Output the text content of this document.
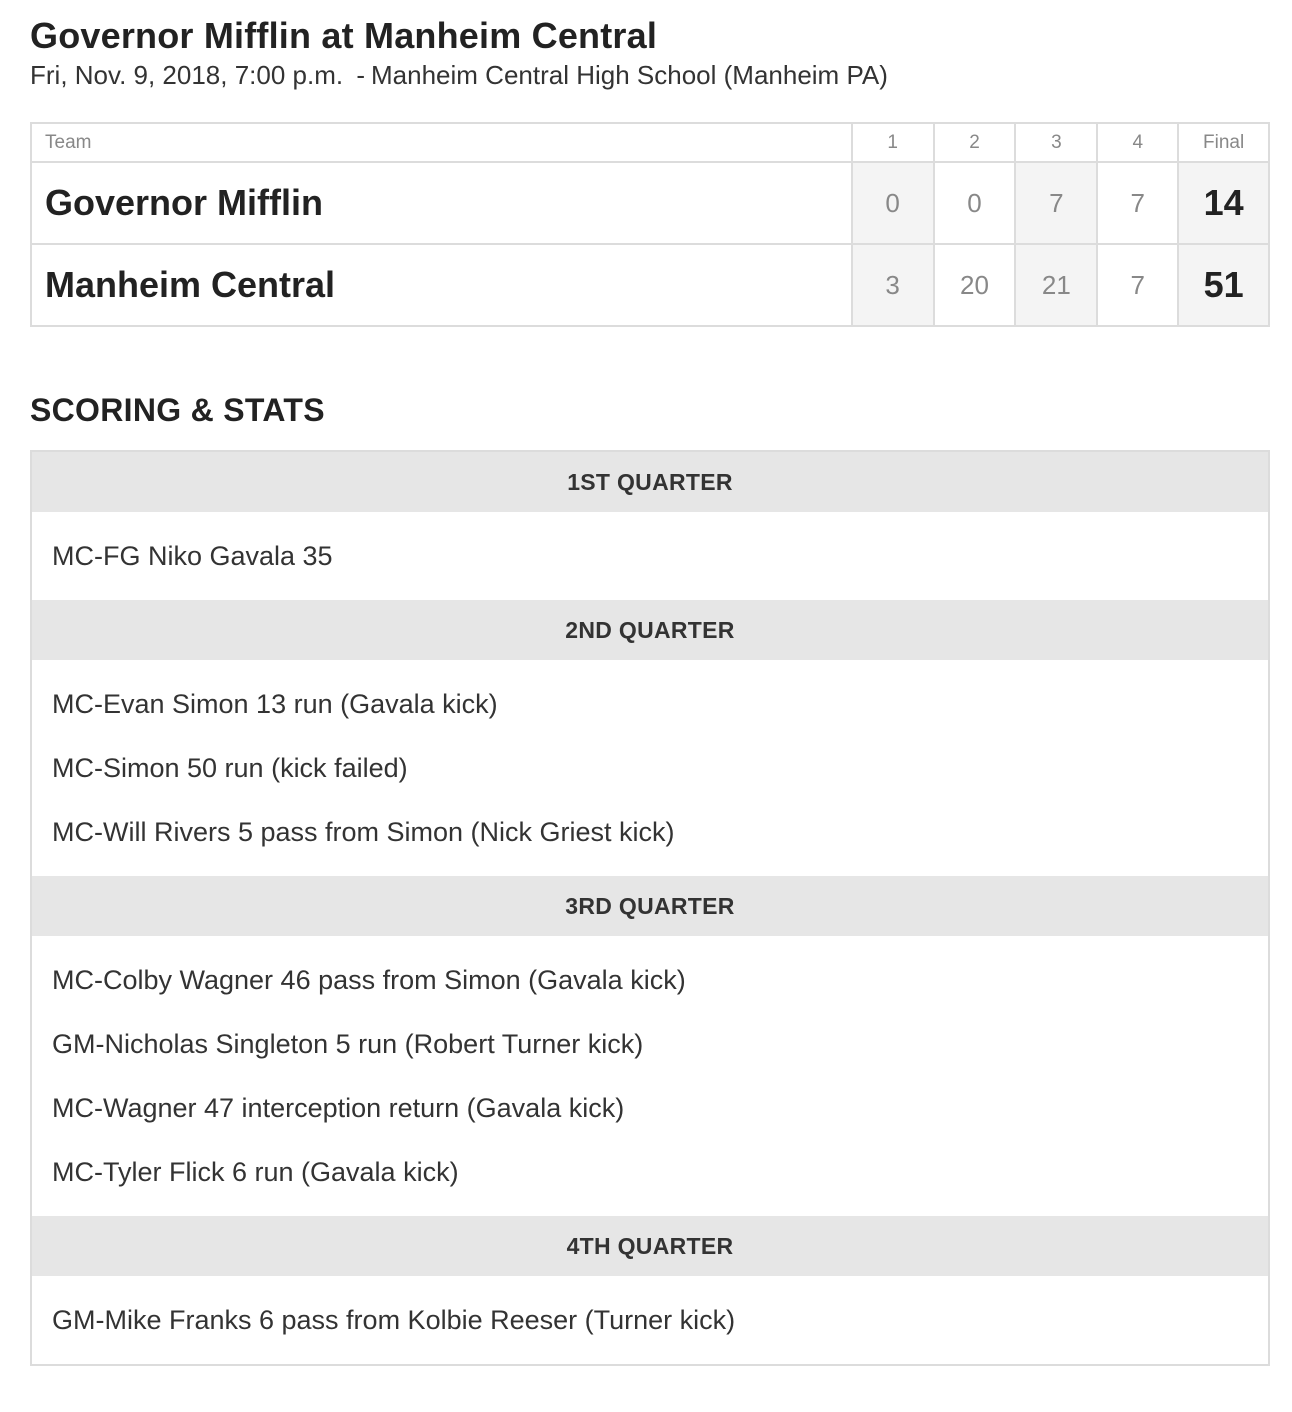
Governor Mifflin at Manheim Central
Fri, Nov. 9, 2018, 7:00 p.m. - Manheim Central High School (Manheim PA)
Team	1	2	3	4	Final
Governor Mifflin	0	0	7	7	14
Manheim Central	3	20	21	7	51
SCORING & STATS
1ST QUARTER
MC-FG Niko Gavala 35
2ND QUARTER
MC-Evan Simon 13 run (Gavala kick)
MC-Simon 50 run (kick failed)
MC-Will Rivers 5 pass from Simon (Nick Griest kick)
3RD QUARTER
MC-Colby Wagner 46 pass from Simon (Gavala kick)
GM-Nicholas Singleton 5 run (Robert Turner kick)
MC-Wagner 47 interception return (Gavala kick)
MC-Tyler Flick 6 run (Gavala kick)
4TH QUARTER
GM-Mike Franks 6 pass from Kolbie Reeser (Turner kick)
